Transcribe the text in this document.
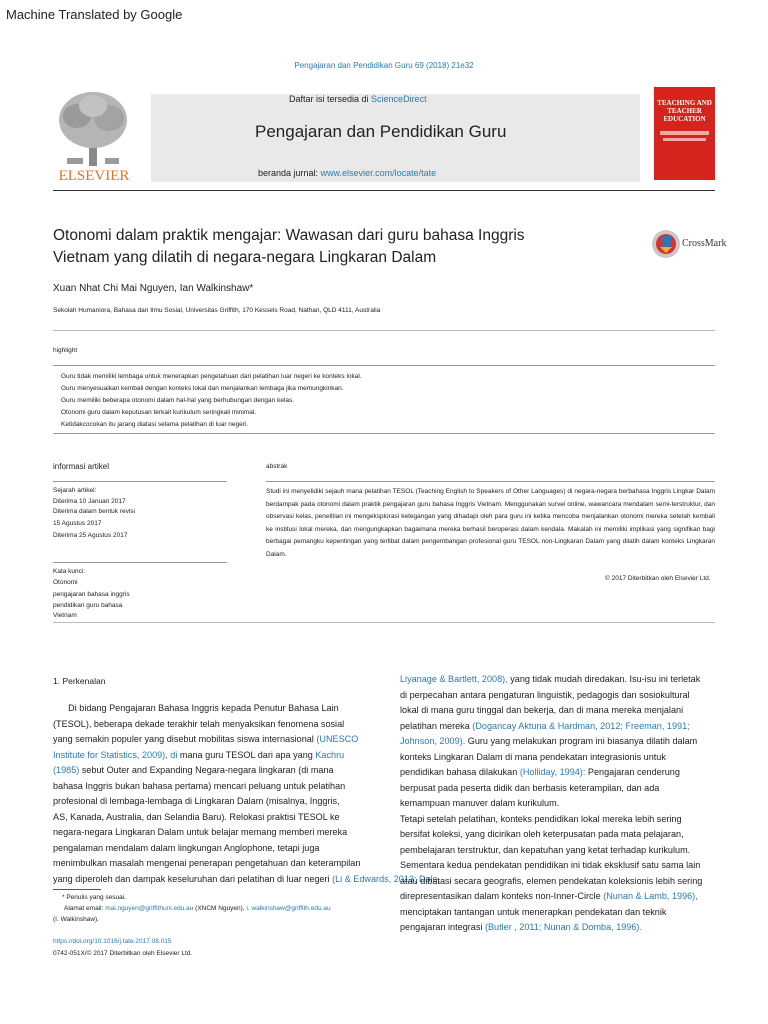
Machine Translated by Google
Pengajaran dan Pendidikan Guru 69 (2018) 21e32
Daftar isi tersedia di ScienceDirect
Pengajaran dan Pendidikan Guru
beranda jurnal: www.elsevier.com/locate/tate
ELSEVIER
TEACHING AND TEACHER EDUCATION
Otonomi dalam praktik mengajar: Wawasan dari guru bahasa Inggris
Vietnam yang dilatih di negara-negara Lingkaran Dalam
CrossMark
Xuan Nhat Chi Mai Nguyen, Ian Walkinshaw*
Sekolah Humaniora, Bahasa dan Ilmu Sosial, Universitas Griffith, 170 Kessels Road, Nathan, QLD 4111, Australia
highlight
Guru tidak memiliki lembaga untuk menerapkan pengetahuan dari pelatihan luar negeri ke konteks lokal.
Guru menyesuaikan kembali dengan konteks lokal dan menjalankan lembaga jika memungkinkan.
Guru memiliki beberapa otonomi dalam hal-hal yang berhubungan dengan kelas.
Otonomi guru dalam keputusan terkait kurikulum seringkali minimal.
Ketidakcocokan itu jarang diatasi selama pelatihan di luar negeri.
informasi artikel	abstrak
Sejarah artikel:
Diterima 10 Januari 2017
Diterima dalam bentuk revisi
15 Agustus 2017
Diterima 25 Agustus 2017
Kata kunci:
Otonomi
pengajaran bahasa inggris
pendidikan guru bahasa
Vietnam
Studi ini menyelidiki sejauh mana pelatihan TESOL (Teaching English to Speakers of Other Languages) di negara-negara berbahasa Inggris Lingkar Dalam berdampak pada otonomi dalam praktik pengajaran guru bahasa Inggris Vietnam. Menggunakan survei online, wawancara mendalam semi-terstruktur, dan observasi kelas, penelitian ini mengeksplorasi ketegangan yang dihadapi oleh para guru ini ketika mencoba menjalankan otonomi mereka setelah kembali ke institusi lokal mereka, dan mengungkapkan bagaimana mereka berhasil beroperasi dalam kendala. Makalah ini memiliki implikasi yang signifikan bagi berbagai pemangku kepentingan yang terlibat dalam pengembangan profesional guru TESOL non-Lingkaran Dalam yang dilatih dalam konteks Lingkaran Dalam.
© 2017 Diterbitkan oleh Elsevier Ltd.
1. Perkenalan
Di bidang Pengajaran Bahasa Inggris kepada Penutur Bahasa Lain
(TESOL), beberapa dekade terakhir telah menyaksikan fenomena sosial
yang semakin populer yang disebut mobilitas siswa internasional (UNESCO
Institute for Statistics, 2009), di mana guru TESOL dari apa yang Kachru
(1985) sebut Outer and Expanding Negara-negara lingkaran (di mana
bahasa Inggris bukan bahasa pertama) mencari peluang untuk pelatihan
profesional di lembaga-lembaga di Lingkaran Dalam (misalnya, Inggris,
AS, Kanada, Australia, dan Selandia Baru). Relokasi praktisi TESOL ke
negara-negara Lingkaran Dalam untuk belajar memang memberi mereka
pengalaman mendalam dalam lingkungan Anglophone, tetapi juga
menimbulkan masalah mengenai penerapan pengetahuan dan keterampilan
yang diperoleh dan dampak keseluruhan dari pelatihan di luar negeri (Li & Edwards, 2013; Dale,
Liyanage & Bartlett, 2008), yang tidak mudah diredakan. Isu-isu ini terletak
di perpecahan antara pengaturan linguistik, pedagogis dan sosiokultural
lokal di mana guru tinggal dan bekerja, dan di mana mereka menjalani
pelatihan mereka (Dogancay Aktuna & Hardman, 2012; Freeman, 1991;
Johnson, 2009). Guru yang melakukan program ini biasanya dilatih dalam
konteks Lingkaran Dalam di mana pendekatan integrasionis untuk
pendidikan bahasa dilakukan (Holliday, 1994): Pengajaran cenderung
berpusat pada peserta didik dan berbasis keterampilan, dan ada
kemampuan manuver dalam kurikulum.
Tetapi setelah pelatihan, konteks pendidikan lokal mereka lebih sering
bersifat koleksi, yang dicirikan oleh keterpusatan pada mata pelajaran,
pembelajaran terstruktur, dan kepatuhan yang ketat terhadap kurikulum.
Sementara kedua pendekatan pendidikan ini tidak eksklusif satu sama lain
atau dibatasi secara geografis, elemen pendekatan koleksionis lebih sering
direpresentasikan dalam konteks non-Inner-Circle (Nunan & Lamb, 1996),
menciptakan tantangan untuk menerapkan pendekatan dan teknik
pengajaran integrasi (Butler , 2011; Nunan & Domba, 1996).
* Penulis yang sesuai.
Alamat email: mai.nguyen@griffithuni.edu.au (XNCM Nguyen), i. walkinshaw@griffith.edu.au
(I. Walkinshaw).
https://doi.org/10.1016/j.tate.2017.08.015
0742-051X/© 2017 Diterbitkan oleh Elsevier Ltd.
